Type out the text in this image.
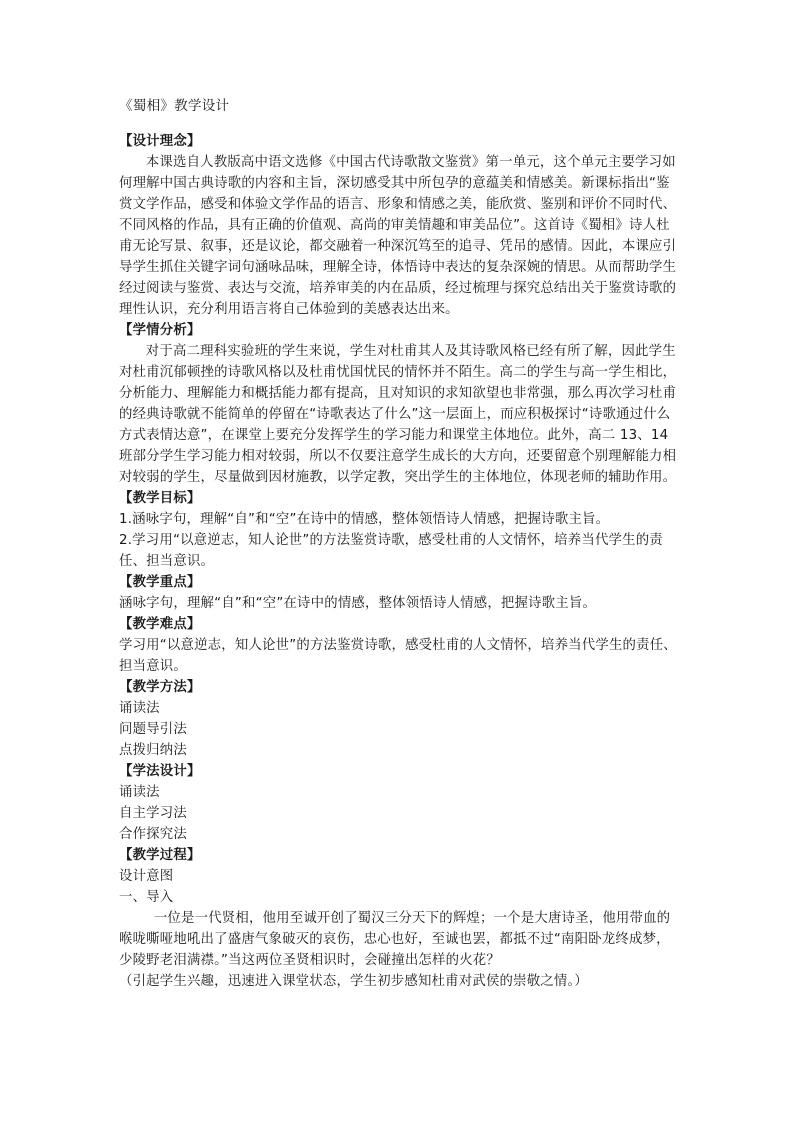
《蜀相》教学设计

【设计理念】

本课选自人教版高中语文选修《中国古代诗歌散文鉴赏》第一单元，这个单元主要学习如何理解中国古典诗歌的内容和主旨，深切感受其中所包孕的意蕴美和情感美。新课标指出“鉴赏文学作品，感受和体验文学作品的语言、形象和情感之美，能欣赏、鉴别和评价不同时代、不同风格的作品，具有正确的价值观、高尚的审美情趣和审美品位”。这首诗《蜀相》诗人杜甫无论写景、叙事，还是议论，都交融着一种深沉笃至的追寻、凭吊的感情。因此，本课应引导学生抓住关键字词句涵咏品味，理解全诗，体悟诗中表达的复杂深婉的情思。从而帮助学生经过阅读与鉴赏、表达与交流，培养审美的内在品质，经过梳理与探究总结出关于鉴赏诗歌的理性认识，充分利用语言将自己体验到的美感表达出来。

【学情分析】

对于高二理科实验班的学生来说，学生对杜甫其人及其诗歌风格已经有所了解，因此学生对杜甫沉郁顿挫的诗歌风格以及杜甫忧国忧民的情怀并不陌生。高二的学生与高一学生相比，分析能力、理解能力和概括能力都有提高，且对知识的求知欲望也非常强，那么再次学习杜甫的经典诗歌就不能简单的停留在“诗歌表达了什么”这一层面上，而应积极探讨“诗歌通过什么方式表情达意”，在课堂上要充分发挥学生的学习能力和课堂主体地位。此外，高二 13、14 班部分学生学习能力相对较弱，所以不仅要注意学生成长的大方向，还要留意个别理解能力相对较弱的学生，尽量做到因材施教，以学定教，突出学生的主体地位，体现老师的辅助作用。

【教学目标】

1.涵咏字句，理解“自”和“空”在诗中的情感，整体领悟诗人情感，把握诗歌主旨。

2.学习用“以意逆志，知人论世”的方法鉴赏诗歌，感受杜甫的人文情怀，培养当代学生的责任、担当意识。

【教学重点】

涵咏字句，理解“自”和“空”在诗中的情感，整体领悟诗人情感，把握诗歌主旨。

【教学难点】

学习用“以意逆志，知人论世”的方法鉴赏诗歌，感受杜甫的人文情怀，培养当代学生的责任、担当意识。

【教学方法】

诵读法

问题导引法

点拨归纳法

【学法设计】

诵读法

自主学习法

合作探究法

【教学过程】

设计意图

一、导入

一位是一代贤相，他用至诚开创了蜀汉三分天下的辉煌；一个是大唐诗圣，他用带血的喉咙嘶哑地吼出了盛唐气象破灭的哀伤，忠心也好，至诚也罢，都抵不过“南阳卧龙终成梦，少陵野老泪满襟。”当这两位圣贤相识时，会碰撞出怎样的火花？

（引起学生兴趣，迅速进入课堂状态，学生初步感知杜甫对武侯的崇敬之情。）
